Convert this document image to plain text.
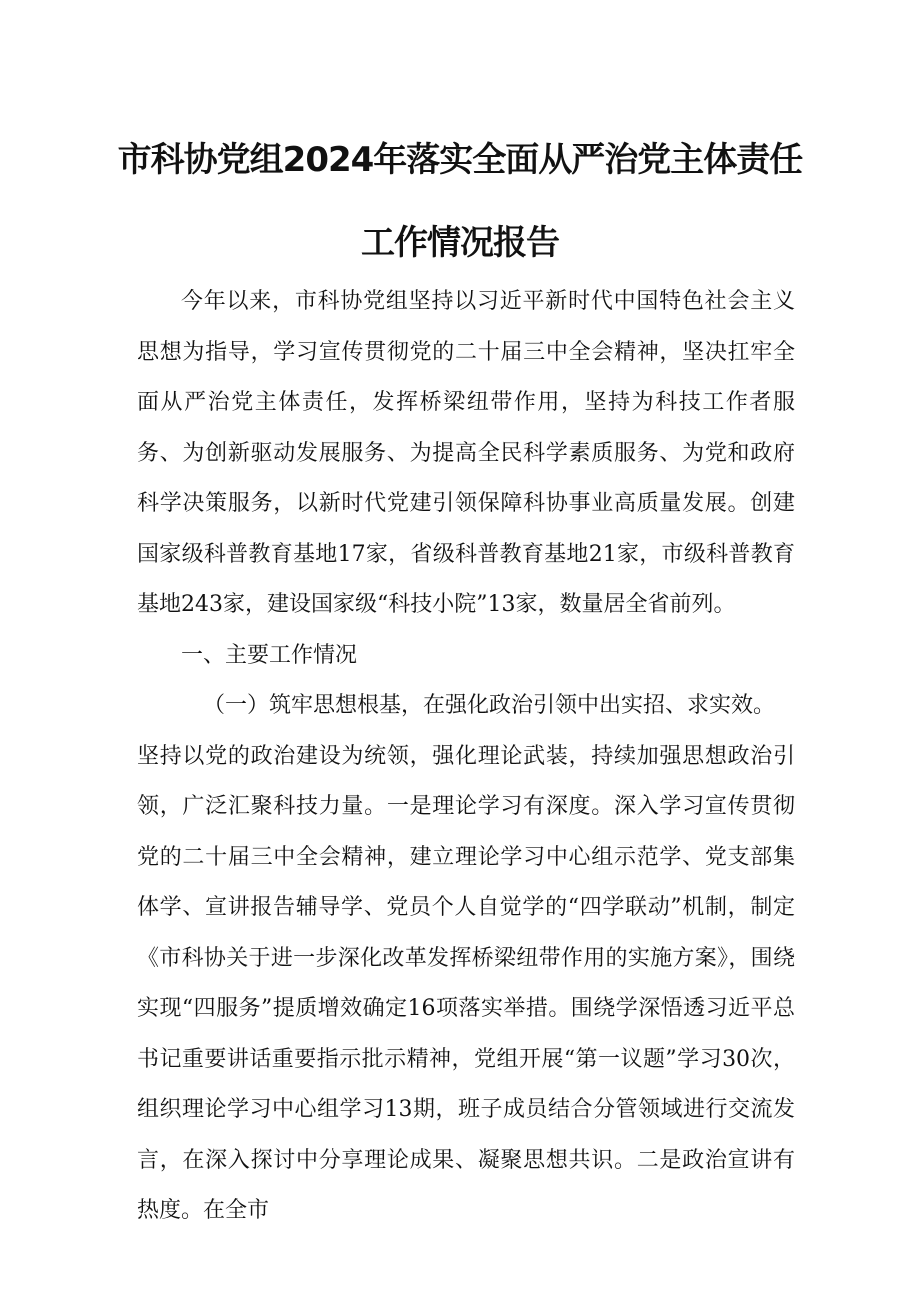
市科协党组2024年落实全面从严治党主体责任
工作情况报告

今年以来，市科协党组坚持以习近平新时代中国特色社会主义思想为指导，学习宣传贯彻党的二十届三中全会精神，坚决扛牢全面从严治党主体责任，发挥桥梁纽带作用，坚持为科技工作者服务、为创新驱动发展服务、为提高全民科学素质服务、为党和政府科学决策服务，以新时代党建引领保障科协事业高质量发展。创建国家级科普教育基地17家，省级科普教育基地21家，市级科普教育基地243家，建设国家级“科技小院”13家，数量居全省前列。

一、主要工作情况

（一）筑牢思想根基，在强化政治引领中出实招、求实效。

坚持以党的政治建设为统领，强化理论武装，持续加强思想政治引领，广泛汇聚科技力量。一是理论学习有深度。深入学习宣传贯彻党的二十届三中全会精神，建立理论学习中心组示范学、党支部集体学、宣讲报告辅导学、党员个人自觉学的“四学联动”机制，制定《市科协关于进一步深化改革发挥桥梁纽带作用的实施方案》，围绕实现“四服务”提质增效确定16项落实举措。围绕学深悟透习近平总书记重要讲话重要指示批示精神，党组开展“第一议题”学习30次，组织理论学习中心组学习13期，班子成员结合分管领域进行交流发言，在深入探讨中分享理论成果、凝聚思想共识。二是政治宣讲有热度。在全市
